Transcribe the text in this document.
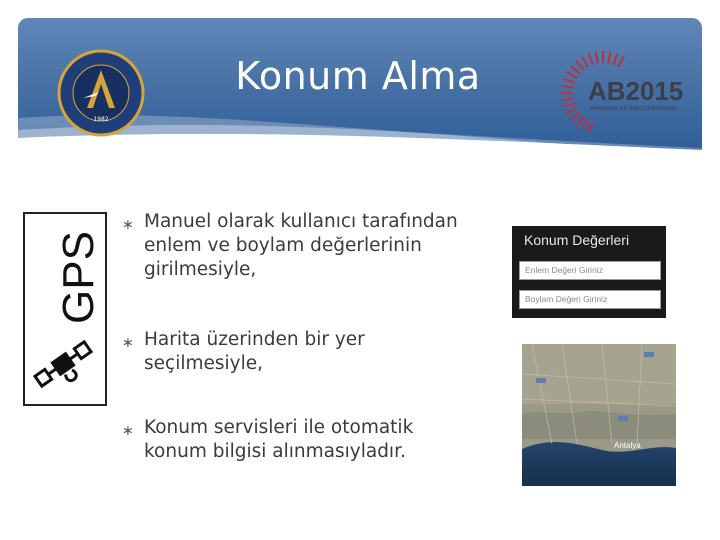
1982
Konum Alma	AB2015
AKADEMİK BİLİŞİM KONFERANSI
GPS
∗ Manuel olarak kullanıcı tarafından enlem ve boylam değerlerinin girilmesiyle,
∗ Harita üzerinden bir yer seçilmesiyle,
∗ Konum servisleri ile otomatik konum bilgisi alınmasıyladır.
Konum Değerleri
Enlem Değeri Giriniz
Boylam Değeri Giriniz
Antalya
